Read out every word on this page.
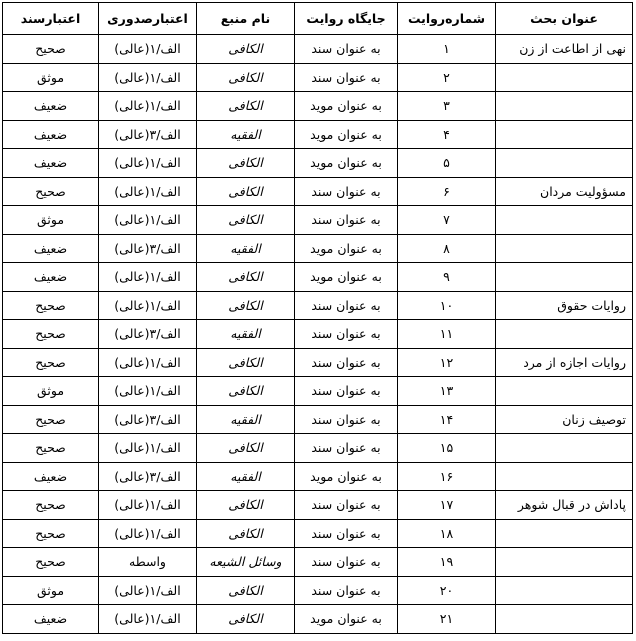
عنوان بحث	شماره‌روایت	جایگاه روایت	نام منبع	اعتبارصدوری	اعتبارسند
نهی از اطاعت از زن	۱	به عنوان سند	الکافی	الف/۱(عالی)	صحیح
	۲	به عنوان سند	الکافی	الف/۱(عالی)	موثق
	۳	به عنوان موید	الکافی	الف/۱(عالی)	ضعیف
	۴	به عنوان موید	الفقیه	الف/۳(عالی)	ضعیف
	۵	به عنوان موید	الکافی	الف/۱(عالی)	ضعیف
مسؤولیت مردان	۶	به عنوان سند	الکافی	الف/۱(عالی)	صحیح
	۷	به عنوان سند	الکافی	الف/۱(عالی)	موثق
	۸	به عنوان موید	الفقیه	الف/۳(عالی)	ضعیف
	۹	به عنوان موید	الکافی	الف/۱(عالی)	ضعیف
روایات حقوق	۱۰	به عنوان سند	الکافی	الف/۱(عالی)	صحیح
	۱۱	به عنوان سند	الفقیه	الف/۳(عالی)	صحیح
روایات اجازه از مرد	۱۲	به عنوان سند	الکافی	الف/۱(عالی)	صحیح
	۱۳	به عنوان سند	الکافی	الف/۱(عالی)	موثق
توصیف زنان	۱۴	به عنوان سند	الفقیه	الف/۳(عالی)	صحیح
	۱۵	به عنوان سند	الکافی	الف/۱(عالی)	صحیح
	۱۶	به عنوان موید	الفقیه	الف/۳(عالی)	ضعیف
پاداش در قبال شوهر	۱۷	به عنوان سند	الکافی	الف/۱(عالی)	صحیح
	۱۸	به عنوان سند	الکافی	الف/۱(عالی)	صحیح
	۱۹	به عنوان سند	وسائل الشیعه	واسطه	صحیح
	۲۰	به عنوان سند	الکافی	الف/۱(عالی)	موثق
	۲۱	به عنوان موید	الکافی	الف/۱(عالی)	ضعیف
